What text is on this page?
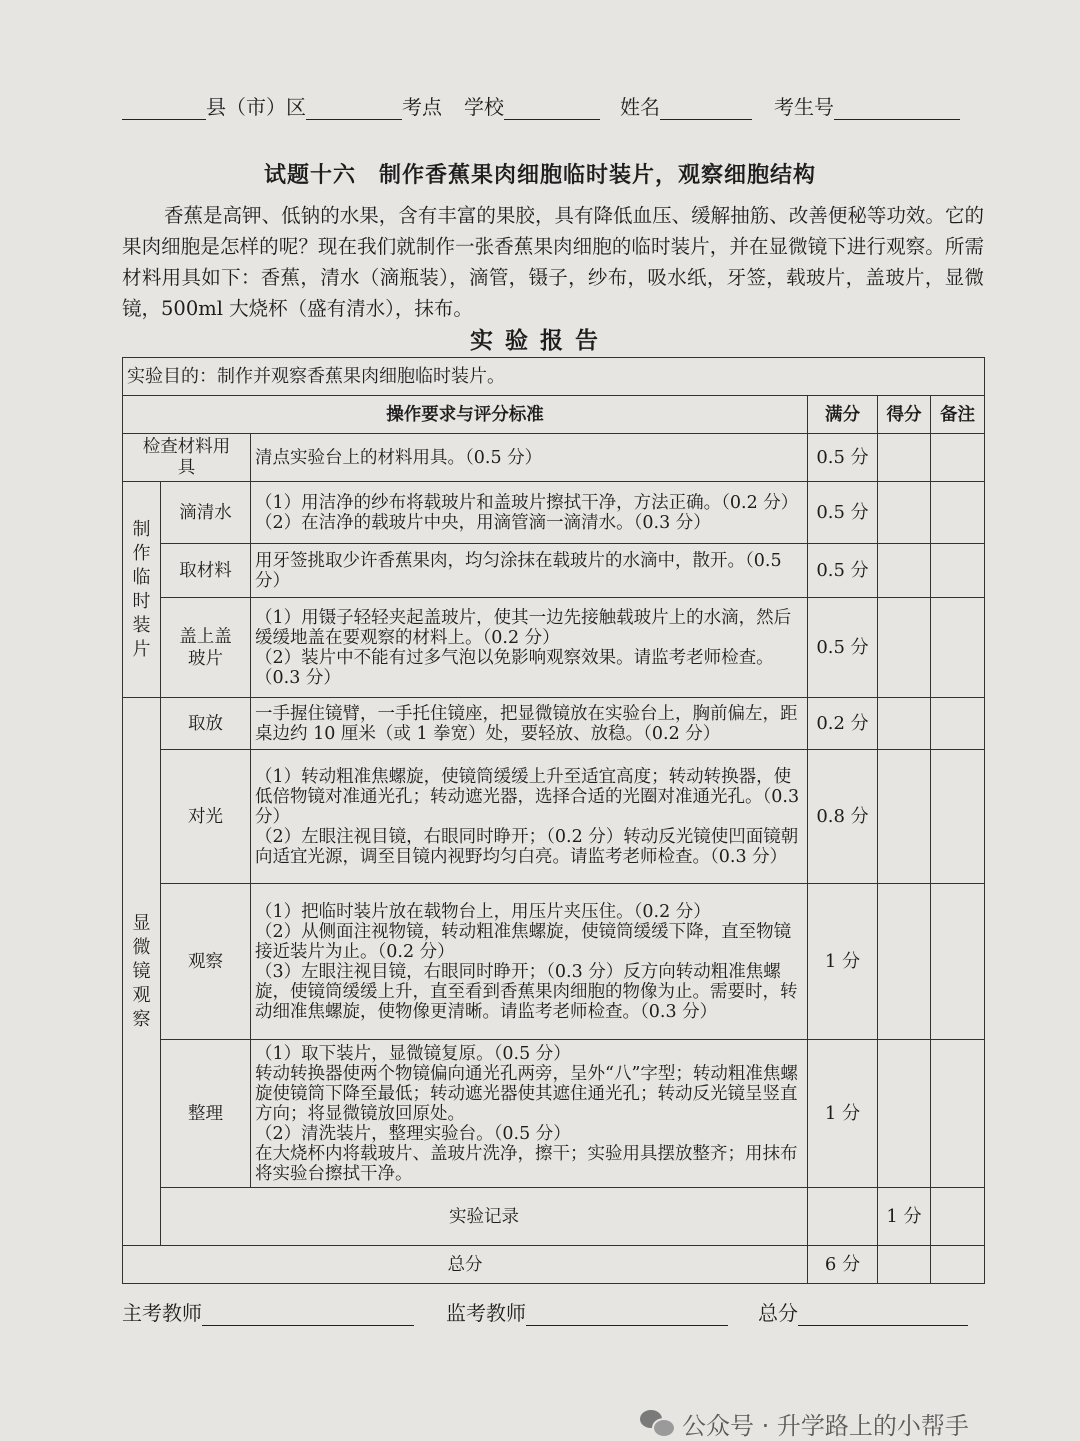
县（市）区	考点 学校	姓名	考生号
试题十六　制作香蕉果肉细胞临时装片，观察细胞结构
香蕉是高钾、低钠的水果，含有丰富的果胶，具有降低血压、缓解抽筋、改善便秘等功效。它的果肉细胞是怎样的呢？现在我们就制作一张香蕉果肉细胞的临时装片，并在显微镜下进行观察。所需材料用具如下：香蕉，清水（滴瓶装），滴管，镊子，纱布，吸水纸，牙签，载玻片，盖玻片，显微镜，500ml 大烧杯（盛有清水），抹布。
实验报告
实验目的：制作并观察香蕉果肉细胞临时装片。						
操作要求与评分标准			满分	得分	备注	
检查材料用具		清点实验台上的材料用具。（0.5 分）	0.5 分			
制作临时装片	滴清水	（1）用洁净的纱布将载玻片和盖玻片擦拭干净，方法正确。（0.2 分）
（2）在洁净的载玻片中央，用滴管滴一滴清水。（0.3 分）	0.5 分			
	取材料	用牙签挑取少许香蕉果肉，均匀涂抹在载玻片的水滴中，散开。（0.5 分）	0.5 分			
	盖上盖玻片	（1）用镊子轻轻夹起盖玻片，使其一边先接触载玻片上的水滴，然后缓缓地盖在要观察的材料上。（0.2 分）
（2）装片中不能有过多气泡以免影响观察效果。请监考老师检查。（0.3 分）	0.5 分			
显微镜观察	取放	一手握住镜臂，一手托住镜座，把显微镜放在实验台上，胸前偏左，距桌边约 10 厘米（或 1 拳宽）处，要轻放、放稳。（0.2 分）	0.2 分			
	对光	（1）转动粗准焦螺旋，使镜筒缓缓上升至适宜高度；转动转换器，使低倍物镜对准通光孔；转动遮光器，选择合适的光圈对准通光孔。（0.3 分）
（2）左眼注视目镜，右眼同时睁开；（0.2 分）转动反光镜使凹面镜朝向适宜光源，调至目镜内视野均匀白亮。请监考老师检查。（0.3 分）	0.8 分			
	观察	（1）把临时装片放在载物台上，用压片夹压住。（0.2 分）
（2）从侧面注视物镜，转动粗准焦螺旋，使镜筒缓缓下降，直至物镜接近装片为止。（0.2 分）
（3）左眼注视目镜，右眼同时睁开；（0.3 分）反方向转动粗准焦螺旋，使镜筒缓缓上升，直至看到香蕉果肉细胞的物像为止。需要时，转动细准焦螺旋，使物像更清晰。请监考老师检查。（0.3 分）	1 分			
	整理	（1）取下装片，显微镜复原。（0.5 分）
转动转换器使两个物镜偏向通光孔两旁，呈外“八”字型；转动粗准焦螺旋使镜筒下降至最低；转动遮光器使其遮住通光孔；转动反光镜呈竖直方向；将显微镜放回原处。
（2）清洗装片，整理实验台。（0.5 分）
在大烧杯内将载玻片、盖玻片洗净，擦干；实验用具摆放整齐；用抹布将实验台擦拭干净。	1 分			
	实验记录			1 分		
总分			6 分			
主考教师	监考教师	总分
公众号 · 升学路上的小帮手
